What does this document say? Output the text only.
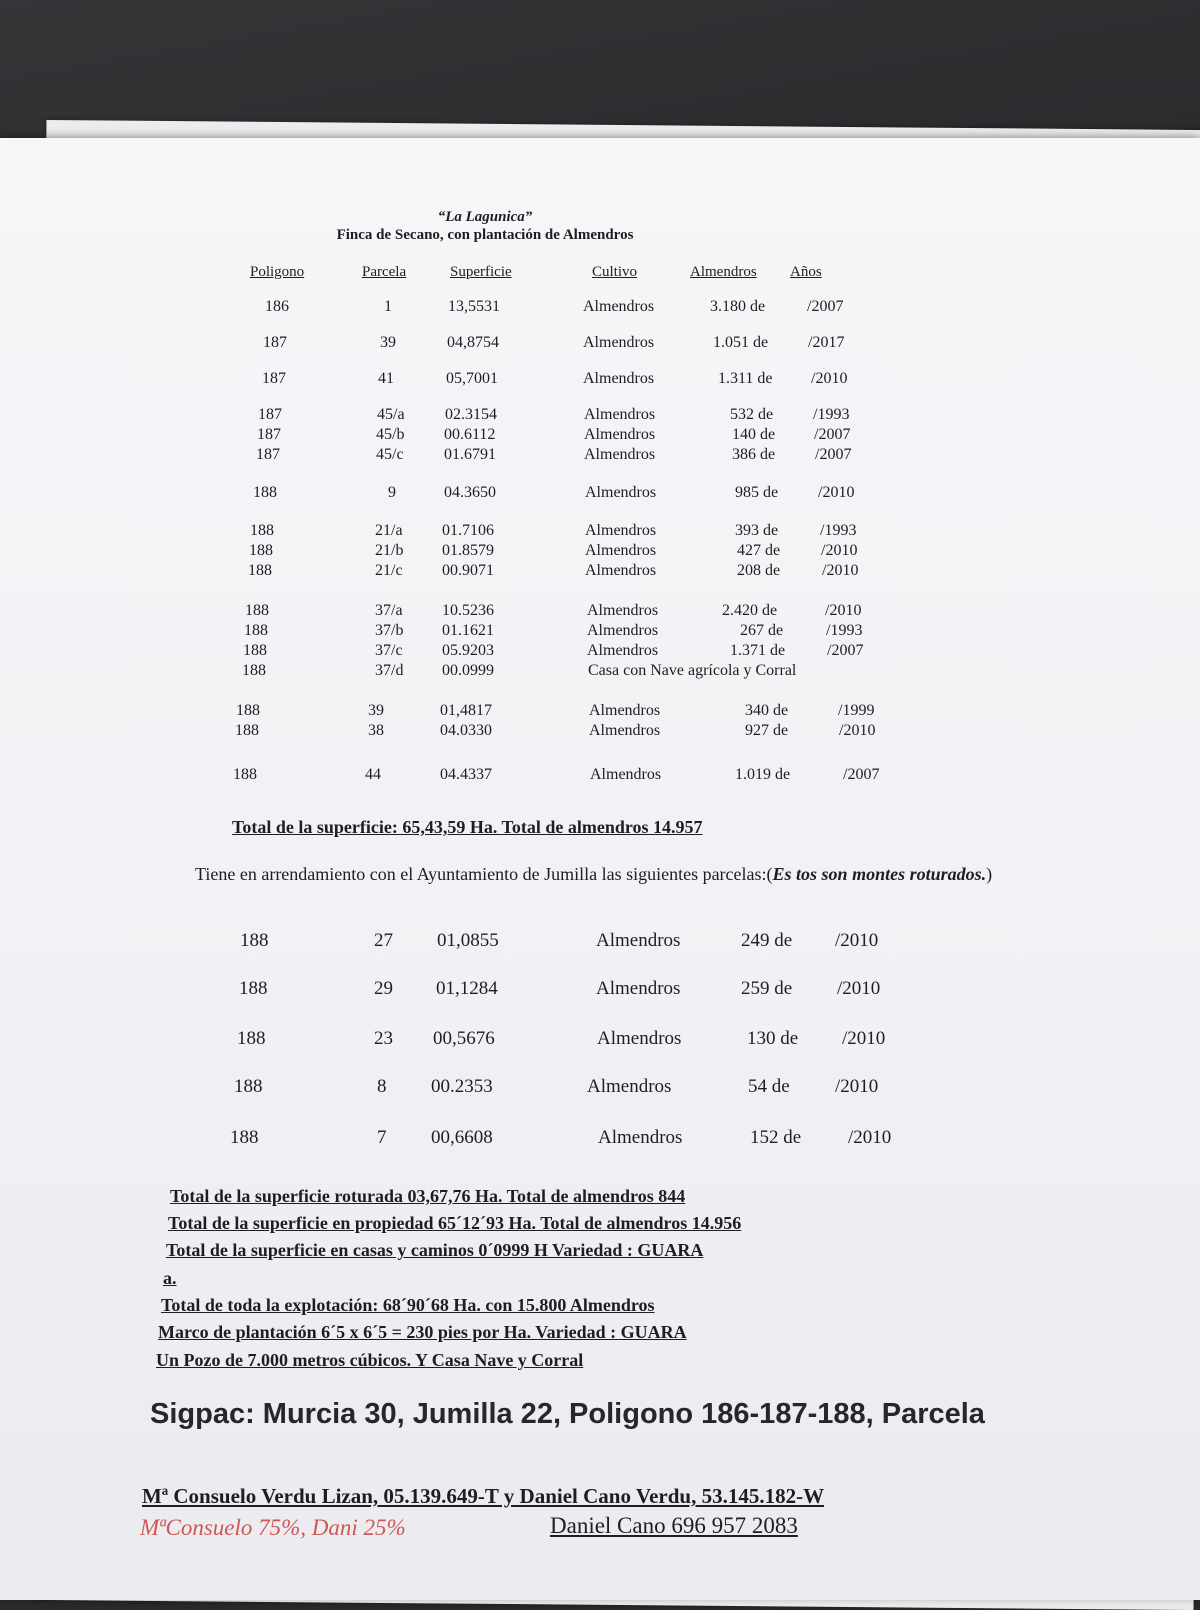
“La Lagunica”
Finca de Secano, con plantación de Almendros
Poligono	Parcela	Superficie	Cultivo	Almendros Años
186	1	13,5531	Almendros	3.180 de	/2007
187	39	04,8754	Almendros	1.051 de /2017
187	41	05,7001	Almendros	1.311 de /2010
187	45/a	02.3154	Almendros	532 de /1993
187	45/b 00.6112	Almendros	140 de /2007
187	45/c	01.6791	Almendros	386 de /2007
188	9	04.3650	Almendros	985 de /2010
188	21/a 01.7106	Almendros	393 de	/1993
188	21/b 01.8579	Almendros	427 de	/2010
188	21/c 00.9071	Almendros	208 de	/2010
188	37/a 10.5236	Almendros	2.420 de	/2010
188	37/b 01.1621	Almendros	267 de	/1993
188	37/c 05.9203	Almendros	1.371 de	/2007
188	37/d 00.0999	Casa con Nave agrícola y Corral
188	39	01,4817	Almendros	340 de	/1999
188	38	04.0330	Almendros	927 de	/2010
188	44	04.4337	Almendros	1.019 de	/2007
Total de la superficie: 65,43,59 Ha. Total de almendros 14.957
Tiene en arrendamiento con el Ayuntamiento de Jumilla las siguientes parcelas:(Es tos son montes roturados.)
188	27 01,0855	Almendros	249 de /2010
188	29 01,1284	Almendros	259 de /2010
188	23 00,5676	Almendros	130 de /2010
188	8 00.2353	Almendros	54 de /2010
188	7 00,6608	Almendros	152 de /2010
Total de la superficie roturada 03,67,76 Ha. Total de almendros 844
Total de la superficie en propiedad 65´12´93 Ha. Total de almendros 14.956
Total de la superficie en casas y caminos 0´0999 H Variedad : GUARA
a.
Total de toda la explotación: 68´90´68 Ha. con 15.800 Almendros
Marco de plantación 6´5 x 6´5 = 230 pies por Ha. Variedad : GUARA
Un Pozo de 7.000 metros cúbicos. Y Casa Nave y Corral
Sigpac: Murcia 30, Jumilla 22, Poligono 186-187-188, Parcela
Mª Consuelo Verdu Lizan, 05.139.649-T y Daniel Cano Verdu, 53.145.182-W
MªConsuelo 75%, Dani 25%	Daniel Cano 696 957 2083
